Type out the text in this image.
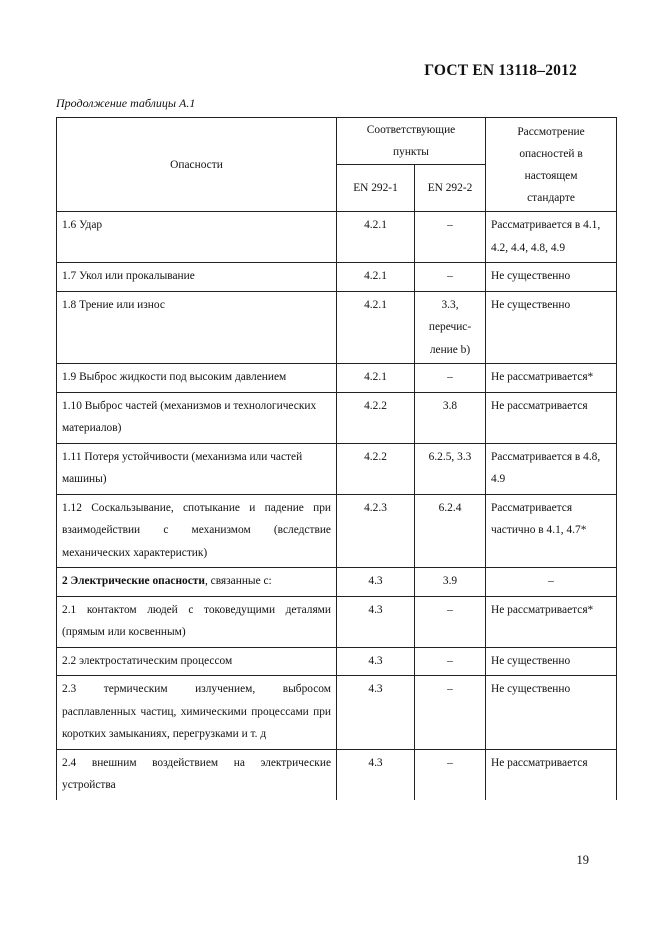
ГОСТ EN 13118–2012
Продолжение таблицы А.1
Опасности	Соответствующие пункты		Рассмотрение опасностей в настоящем стандарте
	EN 292-1	EN 292-2	
1.6 Удар	4.2.1	–	Рассматривается в 4.1, 4.2, 4.4, 4.8, 4.9
1.7 Укол или прокалывание	4.2.1	–	Не существенно
1.8 Трение или износ	4.2.1	3.3, перечис- ление b)	Не существенно
1.9 Выброс жидкости под высоким давлением	4.2.1	–	Не рассматривается*
1.10 Выброс частей (механизмов и технологических материалов)	4.2.2	3.8	Не рассматривается
1.11 Потеря устойчивости (механизма или частей машины)	4.2.2	6.2.5, 3.3	Рассматривается в 4.8, 4.9
1.12 Соскальзывание, спотыкание и падение при взаимодействии с механизмом (вследствие механических характеристик)	4.2.3	6.2.4	Рассматривается частично в 4.1, 4.7*
2 Электрические опасности, связанные с:	4.3	3.9	–
2.1 контактом людей с токоведущими деталями (прямым или косвенным)	4.3	–	Не рассматривается*
2.2 электростатическим процессом	4.3	–	Не существенно
2.3 термическим излучением, выбросом расплавленных частиц, химическими процессами при коротких замыканиях, перегрузками и т. д	4.3	–	Не существенно
2.4 внешним воздействием на электрические устройства	4.3	–	Не рассматривается
19
